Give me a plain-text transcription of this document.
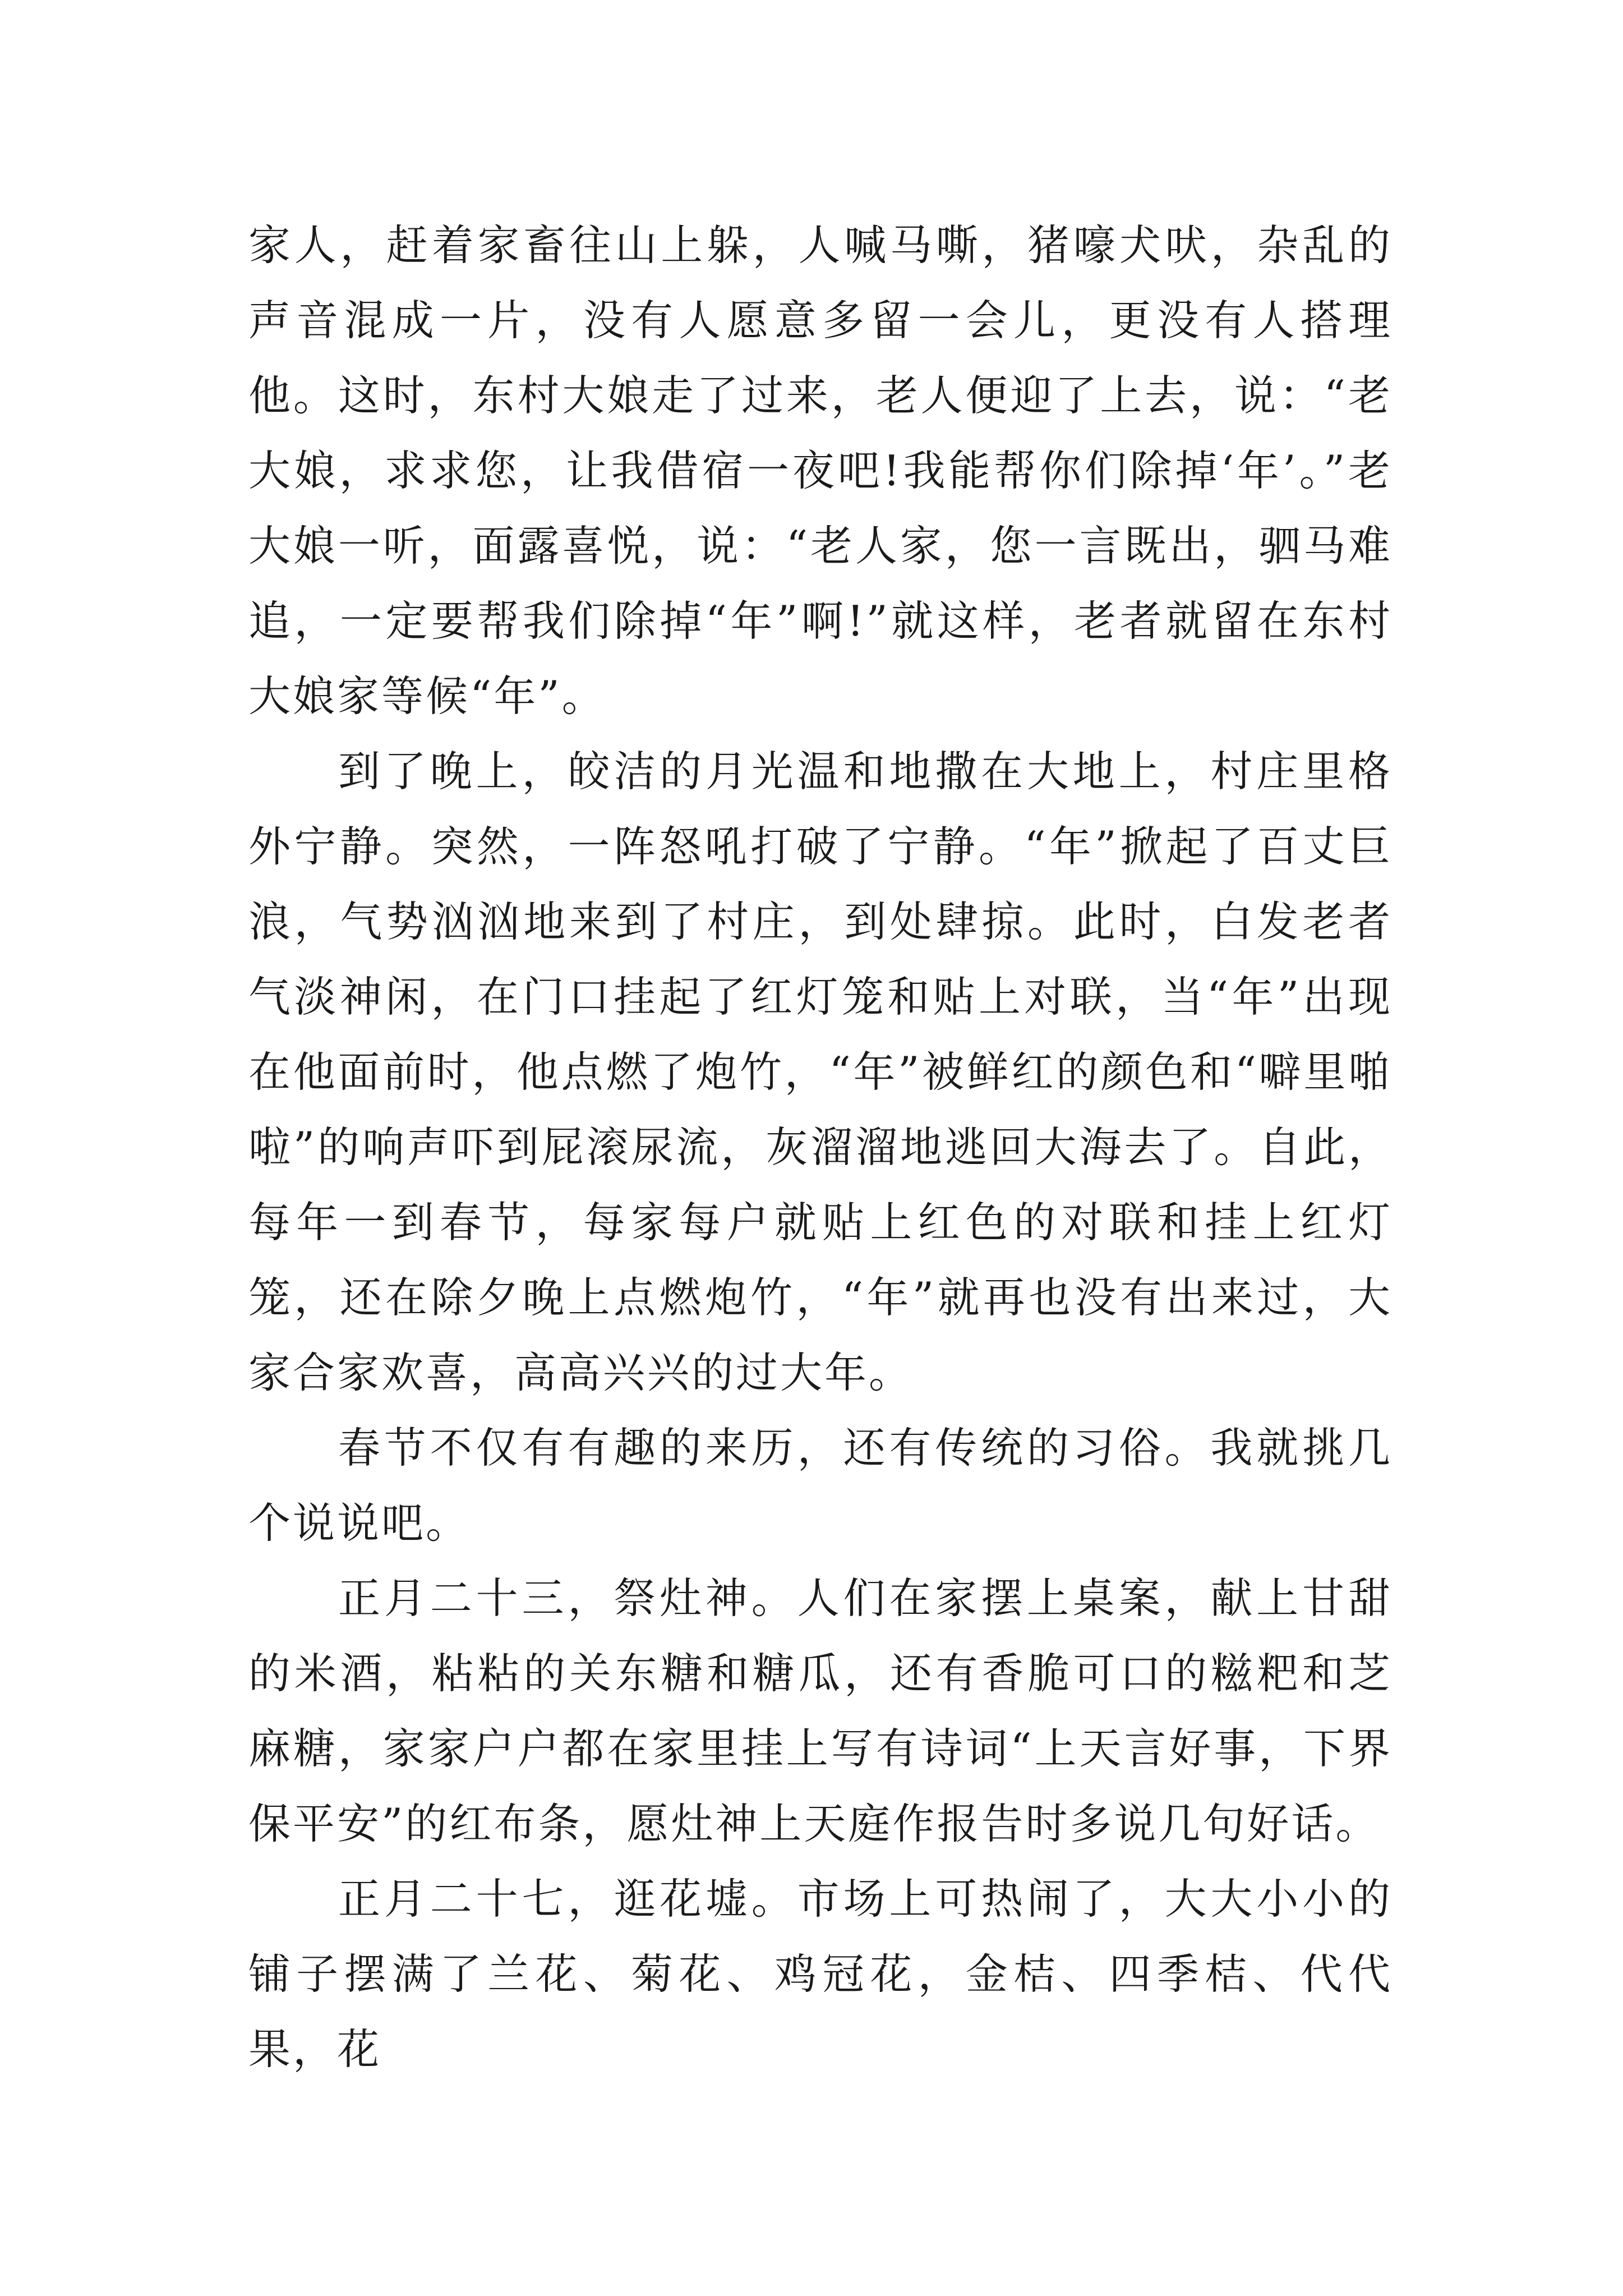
家人，赶着家畜往山上躲，人喊马嘶，猪嚎犬吠，杂乱的声音混成一片，没有人愿意多留一会儿，更没有人搭理他。这时，东村大娘走了过来，老人便迎了上去，说：“老大娘，求求您，让我借宿一夜吧!我能帮你们除掉‘年’。”老大娘一听，面露喜悦，说：“老人家，您一言既出，驷马难追，一定要帮我们除掉“年”啊!”就这样，老者就留在东村大娘家等候“年”。

到了晚上，皎洁的月光温和地撒在大地上，村庄里格外宁静。突然，一阵怒吼打破了宁静。“年”掀起了百丈巨浪，气势汹汹地来到了村庄，到处肆掠。此时，白发老者气淡神闲，在门口挂起了红灯笼和贴上对联，当“年”出现在他面前时，他点燃了炮竹，“年”被鲜红的颜色和“噼里啪啦”的响声吓到屁滚尿流，灰溜溜地逃回大海去了。自此，每年一到春节，每家每户就贴上红色的对联和挂上红灯笼，还在除夕晚上点燃炮竹，“年”就再也没有出来过，大家合家欢喜，高高兴兴的过大年。

春节不仅有有趣的来历，还有传统的习俗。我就挑几个说说吧。

正月二十三，祭灶神。人们在家摆上桌案，献上甘甜的米酒，粘粘的关东糖和糖瓜，还有香脆可口的糍粑和芝麻糖，家家户户都在家里挂上写有诗词“上天言好事，下界保平安”的红布条，愿灶神上天庭作报告时多说几句好话。

正月二十七，逛花墟。市场上可热闹了，大大小小的铺子摆满了兰花、菊花、鸡冠花，金桔、四季桔、代代果，花
